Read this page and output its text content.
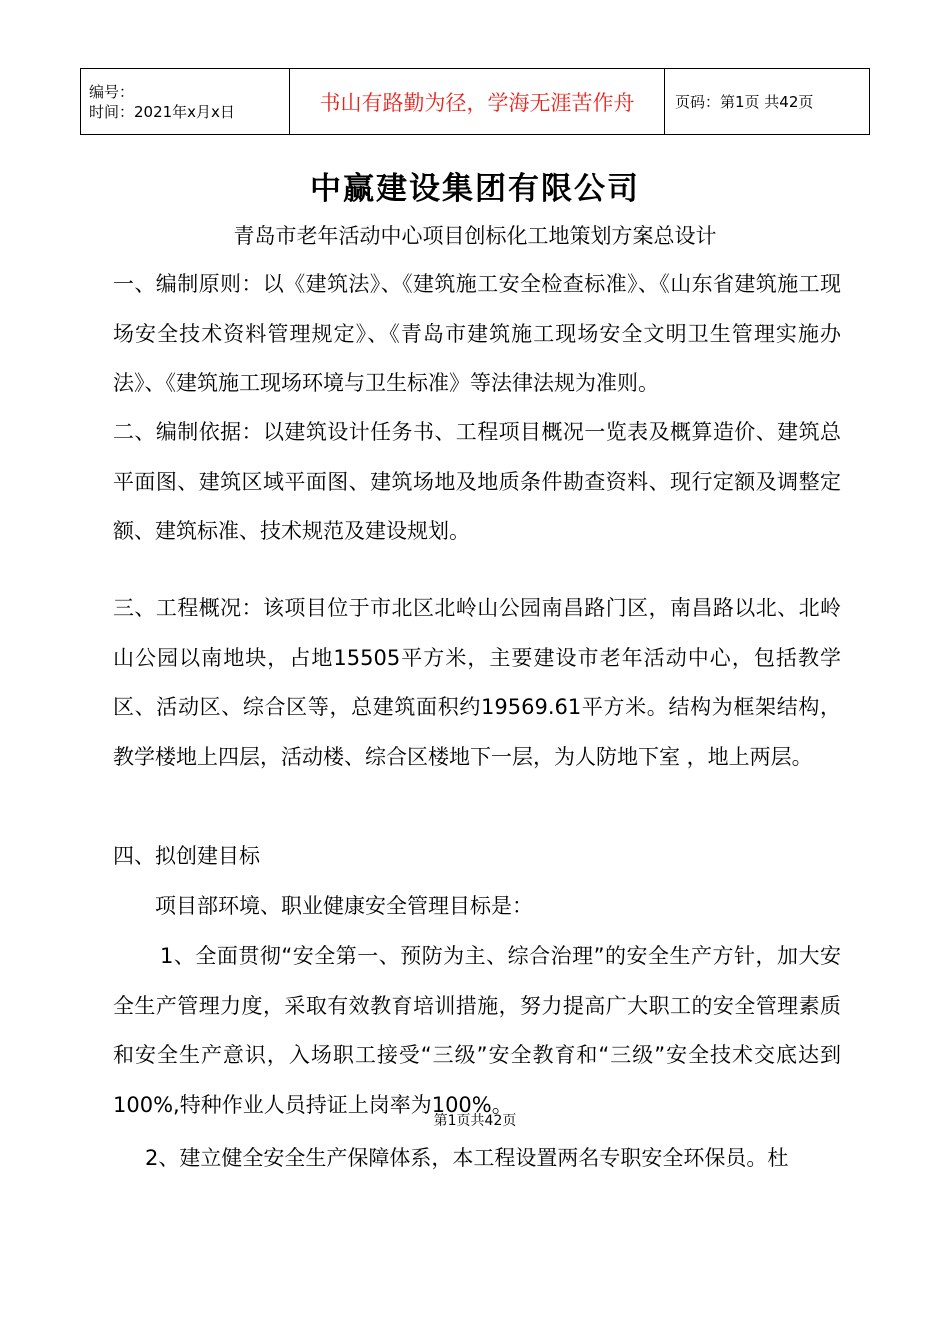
编号：
时间：2021年x月x日	书山有路勤为径，学海无涯苦作舟	页码：第1页 共42页
中赢建设集团有限公司
青岛市老年活动中心项目创标化工地策划方案总设计
一、编制原则：以《建筑法》、《建筑施工安全检查标准》、《山东省建筑施工现场安全技术资料管理规定》、《青岛市建筑施工现场安全文明卫生管理实施办法》、《建筑施工现场环境与卫生标准》等法律法规为准则。
二、编制依据：以建筑设计任务书、工程项目概况一览表及概算造价、建筑总平面图、建筑区域平面图、建筑场地及地质条件勘查资料、现行定额及调整定额、建筑标准、技术规范及建设规划。
三、工程概况：该项目位于市北区北岭山公园南昌路门区，南昌路以北、北岭山公园以南地块，占地15505平方米，主要建设市老年活动中心，包括教学区、活动区、综合区等，总建筑面积约19569.61平方米。结构为框架结构，教学楼地上四层，活动楼、综合区楼地下一层，为人防地下室 ，地上两层。
四、拟创建目标
项目部环境、职业健康安全管理目标是：
1、全面贯彻“安全第一、预防为主、综合治理”的安全生产方针，加大安全生产管理力度，采取有效教育培训措施，努力提高广大职工的安全管理素质和安全生产意识，入场职工接受“三级”安全教育和“三级”安全技术交底达到100%,特种作业人员持证上岗率为100%。
第1页共42页
2、建立健全安全生产保障体系，本工程设置两名专职安全环保员。杜
